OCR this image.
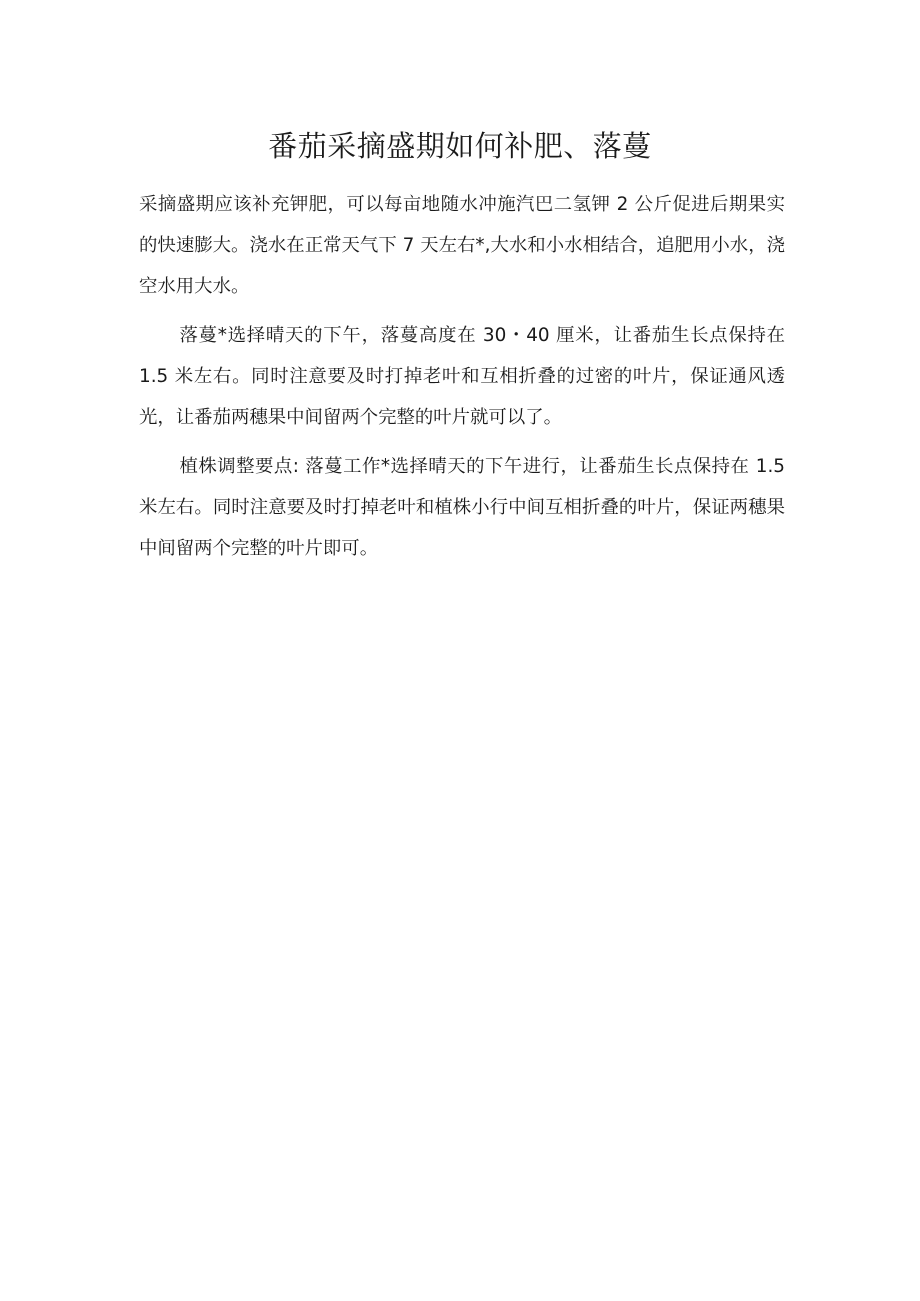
番茄采摘盛期如何补肥、落蔓

采摘盛期应该补充钾肥，可以每亩地随水冲施汽巴二氢钾 2 公斤促进后期果实的快速膨大。浇水在正常天气下 7 天左右*,大水和小水相结合，追肥用小水，浇空水用大水。

落蔓*选择晴天的下午，落蔓高度在 30・40 厘米，让番茄生长点保持在 1.5 米左右。同时注意要及时打掉老叶和互相折叠的过密的叶片，保证通风透光，让番茄两穗果中间留两个完整的叶片就可以了。

植株调整要点: 落蔓工作*选择晴天的下午进行，让番茄生长点保持在 1.5 米左右。同时注意要及时打掉老叶和植株小行中间互相折叠的叶片，保证两穗果中间留两个完整的叶片即可。
